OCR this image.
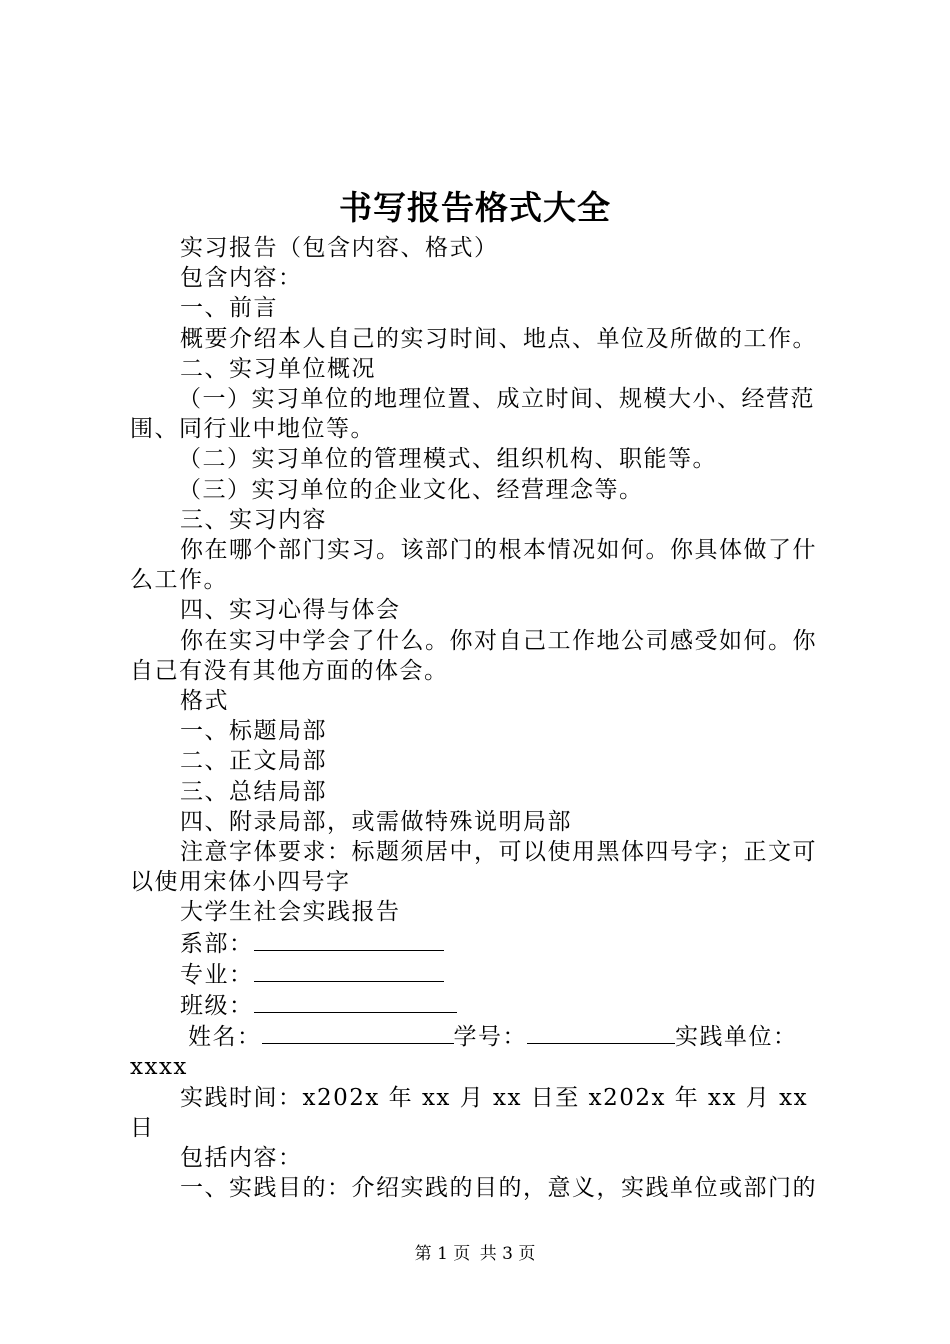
书写报告格式大全

实习报告（包含内容、格式）

包含内容：

一、前言

概要介绍本人自己的实习时间、地点、单位及所做的工作。

二、实习单位概况

（一）实习单位的地理位置、成立时间、规模大小、经营范围、同行业中地位等。

（二）实习单位的管理模式、组织机构、职能等。

（三）实习单位的企业文化、经营理念等。

三、实习内容

你在哪个部门实习。该部门的根本情况如何。你具体做了什么工作。

四、实习心得与体会

你在实习中学会了什么。你对自己工作地公司感受如何。你自己有没有其他方面的体会。

格式

一、标题局部

二、正文局部

三、总结局部

四、附录局部，或需做特殊说明局部

注意字体要求：标题须居中，可以使用黑体四号字；正文可以使用宋体小四号字

大学生社会实践报告

系部：

专业：

班级：

姓名：	学号：	实践单位：

xxxx

实践时间：x202x 年 xx 月 xx 日至 x202x 年 xx 月 xx 日

包括内容：

一、实践目的：介绍实践的目的，意义，实践单位或部门的

第 1 页 共 3 页
